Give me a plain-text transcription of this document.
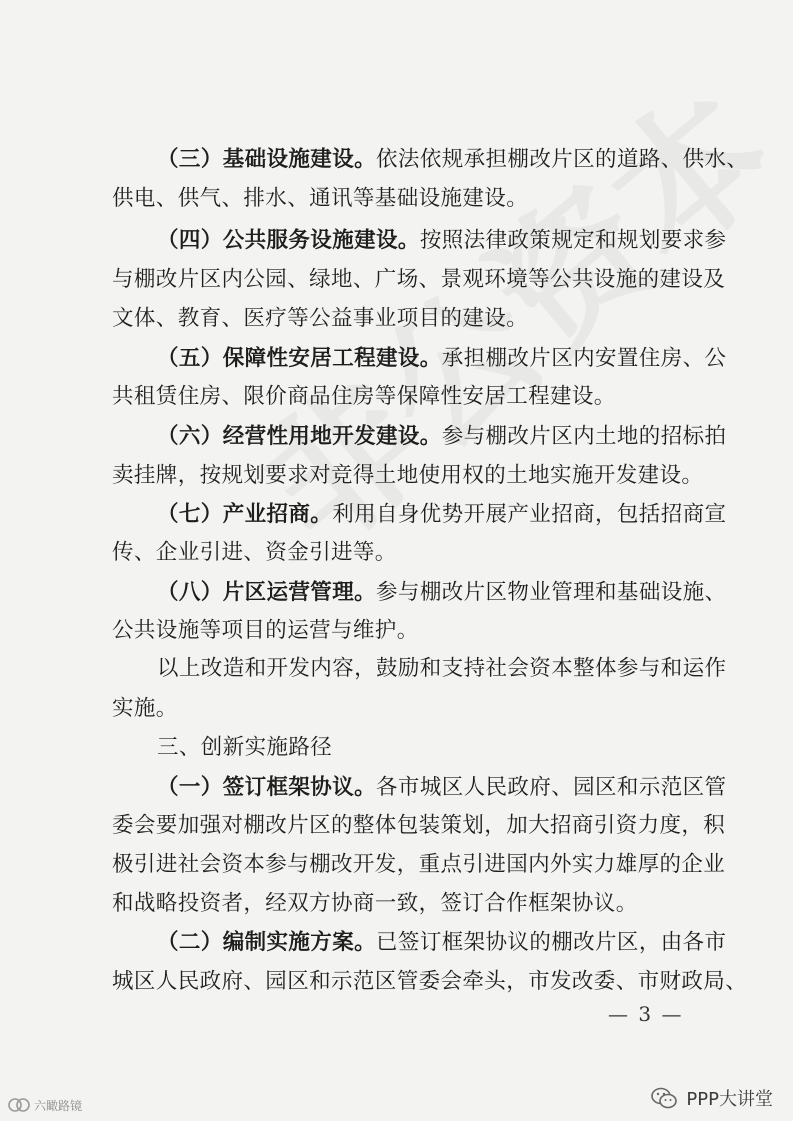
（三）基础设施建设。依法依规承担棚改片区的道路、供水、
供电、供气、排水、通讯等基础设施建设。
（四）公共服务设施建设。按照法律政策规定和规划要求参
与棚改片区内公园、绿地、广场、景观环境等公共设施的建设及
文体、教育、医疗等公益事业项目的建设。
（五）保障性安居工程建设。承担棚改片区内安置住房、公
共租赁住房、限价商品住房等保障性安居工程建设。
（六）经营性用地开发建设。参与棚改片区内土地的招标拍
卖挂牌，按规划要求对竞得土地使用权的土地实施开发建设。
（七）产业招商。利用自身优势开展产业招商，包括招商宣
传、企业引进、资金引进等。
（八）片区运营管理。参与棚改片区物业管理和基础设施、
公共设施等项目的运营与维护。
以上改造和开发内容，鼓励和支持社会资本整体参与和运作
实施。
三、创新实施路径
（一）签订框架协议。各市城区人民政府、园区和示范区管
委会要加强对棚改片区的整体包装策划，加大招商引资力度，积
极引进社会资本参与棚改开发，重点引进国内外实力雄厚的企业
和战略投资者，经双方协商一致，签订合作框架协议。
（二）编制实施方案。已签订框架协议的棚改片区，由各市
城区人民政府、园区和示范区管委会牵头，市发改委、市财政局、
— 3 —
六瞰路镜	PPP大讲堂
